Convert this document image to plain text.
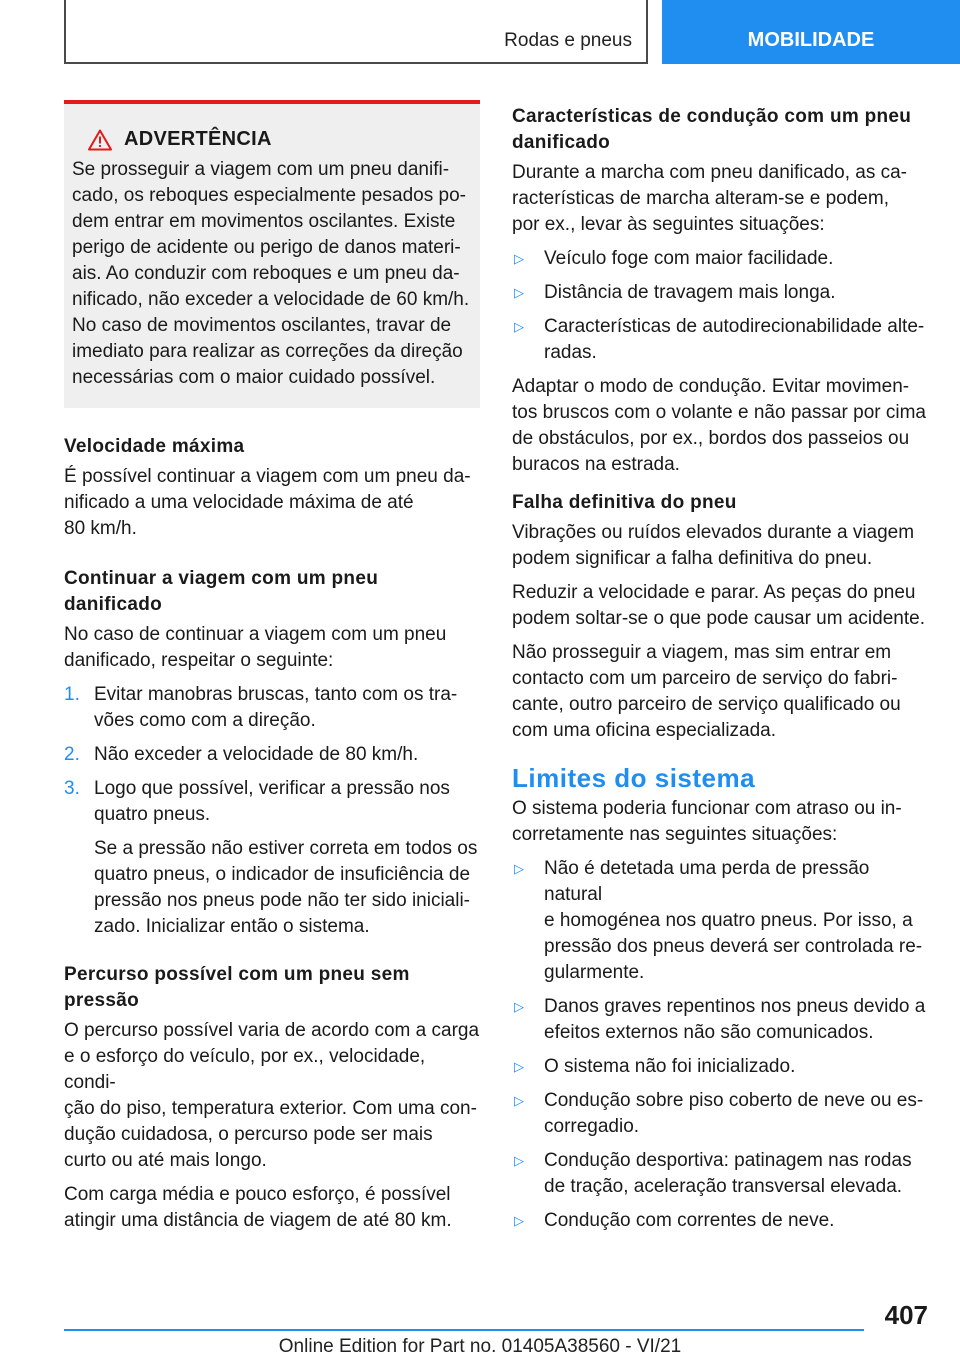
Rodas e pneus	MOBILIDADE
ADVERTÊNCIA
Se prosseguir a viagem com um pneu danifi‐
cado, os reboques especialmente pesados po‐
dem entrar em movimentos oscilantes. Existe
perigo de acidente ou perigo de danos materi‐
ais. Ao conduzir com reboques e um pneu da‐
nificado, não exceder a velocidade de 60 km/h.
No caso de movimentos oscilantes, travar de
imediato para realizar as correções da direção
necessárias com o maior cuidado possível.

Velocidade máxima

É possível continuar a viagem com um pneu da‐

nificado a uma velocidade máxima de até

80 km/h.

Continuar a viagem com um pneu

danificado

No caso de continuar a viagem com um pneu

danificado, respeitar o seguinte:

1. Evitar manobras bruscas, tanto com os tra‐
vões como com a direção.
2. Não exceder a velocidade de 80 km/h.
3. Logo que possível, verificar a pressão nos
quatro pneus.
Se a pressão não estiver correta em todos os
quatro pneus, o indicador de insuficiência de
pressão nos pneus pode não ter sido iniciali‐
zado. Inicializar então o sistema.

Percurso possível com um pneu sem

pressão

O percurso possível varia de acordo com a carga

e o esforço do veículo, por ex., velocidade, condi‐

ção do piso, temperatura exterior. Com uma con‐

dução cuidadosa, o percurso pode ser mais

curto ou até mais longo.

Com carga média e pouco esforço, é possível

atingir uma distância de viagem de até 80 km.

Características de condução com um pneu

danificado

Durante a marcha com pneu danificado, as ca‐

racterísticas de marcha alteram-se e podem,

por ex., levar às seguintes situações:

▷	Veículo foge com maior facilidade.
▷	Distância de travagem mais longa.
▷	Características de autodirecionabilidade alte‐
radas.

Adaptar o modo de condução. Evitar movimen‐

tos bruscos com o volante e não passar por cima

de obstáculos, por ex., bordos dos passeios ou

buracos na estrada.

Falha definitiva do pneu

Vibrações ou ruídos elevados durante a viagem

podem significar a falha definitiva do pneu.

Reduzir a velocidade e parar. As peças do pneu

podem soltar-se o que pode causar um acidente.

Não prosseguir a viagem, mas sim entrar em

contacto com um parceiro de serviço do fabri‐

cante, outro parceiro de serviço qualificado ou

com uma oficina especializada.

Limites do sistema

O sistema poderia funcionar com atraso ou in‐

corretamente nas seguintes situações:

▷	Não é detetada uma perda de pressão natural
e homogénea nos quatro pneus. Por isso, a
pressão dos pneus deverá ser controlada re‐
gularmente.
▷	Danos graves repentinos nos pneus devido a
efeitos externos não são comunicados.
▷	O sistema não foi inicializado.
▷	Condução sobre piso coberto de neve ou es‐
corregadio.
▷	Condução desportiva: patinagem nas rodas
de tração, aceleração transversal elevada.
▷	Condução com correntes de neve.
407
Online Edition for Part no. 01405A38560 - VI/21
